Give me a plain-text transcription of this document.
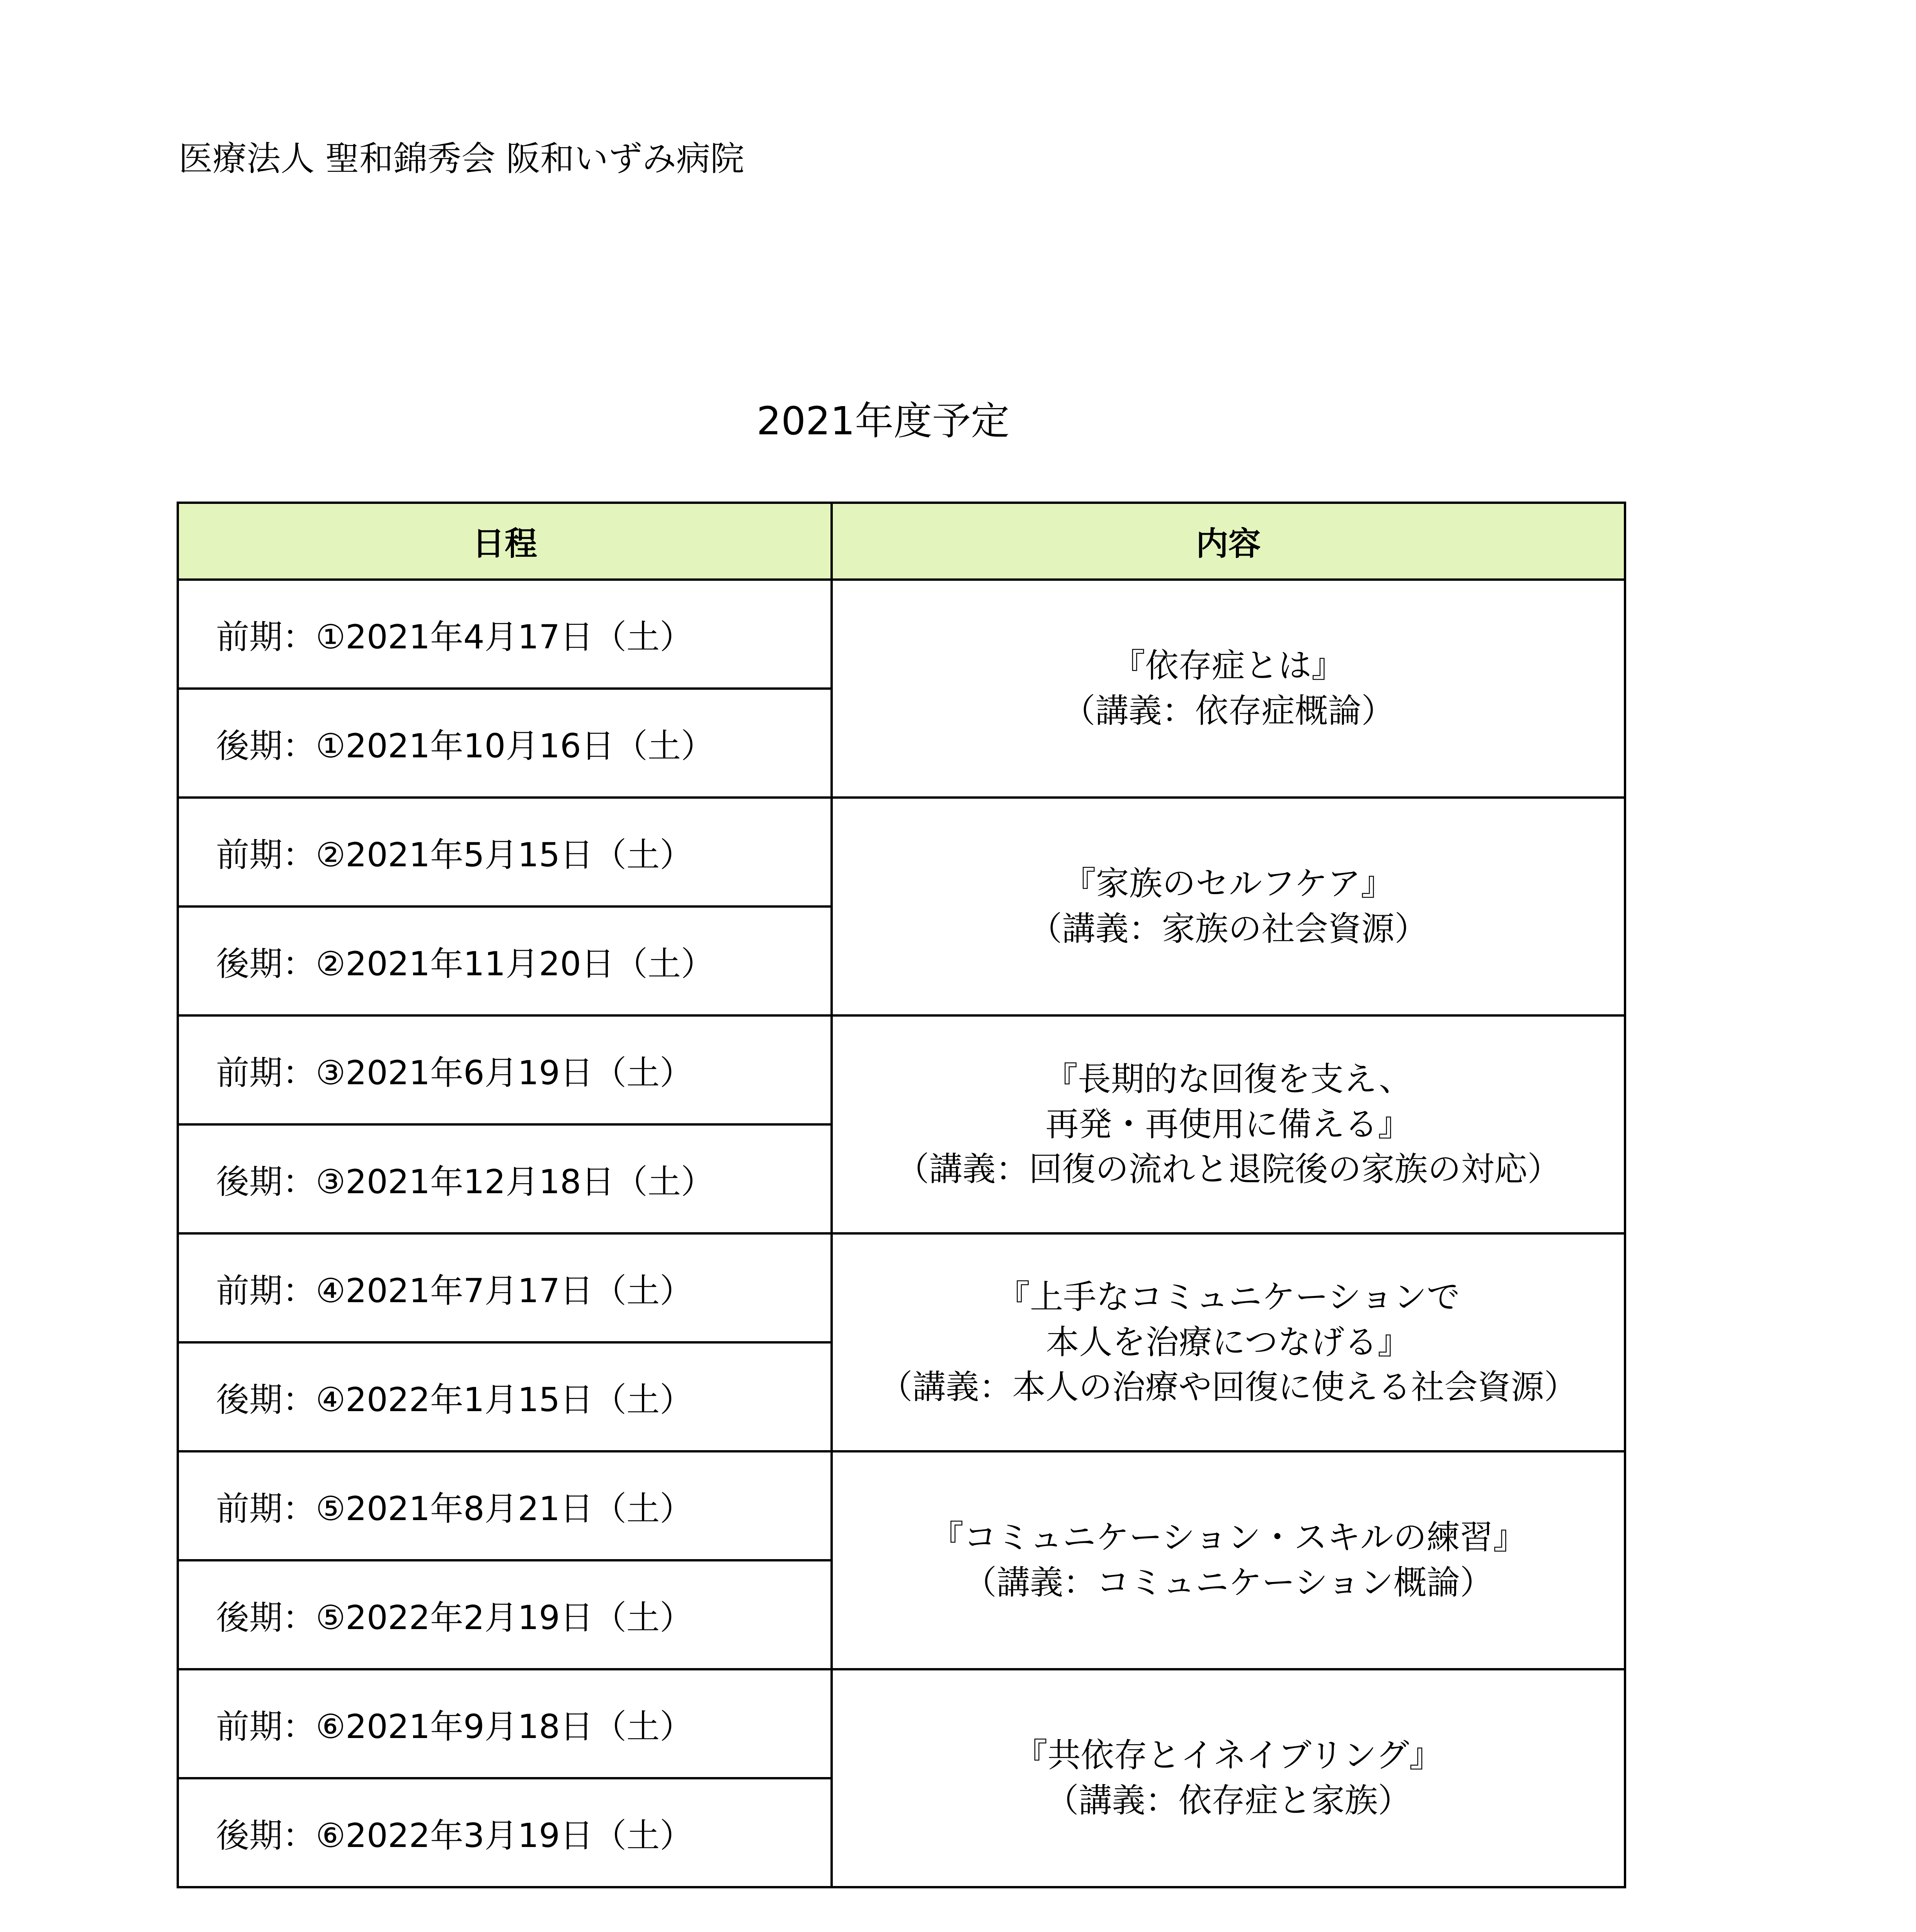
医療法人 聖和錦秀会 阪和いずみ病院
2021年度予定
日程	内容
前期：①2021年4月17日（土）	『依存症とは』
（講義：依存症概論）

後期：①2021年10月16日（土）	
前期：②2021年5月15日（土）	『家族のセルフケア』
（講義：家族の社会資源）

後期：②2021年11月20日（土）	
前期：③2021年6月19日（土）	『長期的な回復を支え、
再発・再使用に備える』
（講義：回復の流れと退院後の家族の対応）

後期：③2021年12月18日（土）	
前期：④2021年7月17日（土）	『上手なコミュニケーションで
本人を治療につなげる』
（講義：本人の治療や回復に使える社会資源）

後期：④2022年1月15日（土）	
前期：⑤2021年8月21日（土）	『コミュニケーション・スキルの練習』
（講義：コミュニケーション概論）

後期：⑤2022年2月19日（土）	
前期：⑥2021年9月18日（土）	『共依存とイネイブリング』
（講義：依存症と家族）

後期：⑥2022年3月19日（土）	
